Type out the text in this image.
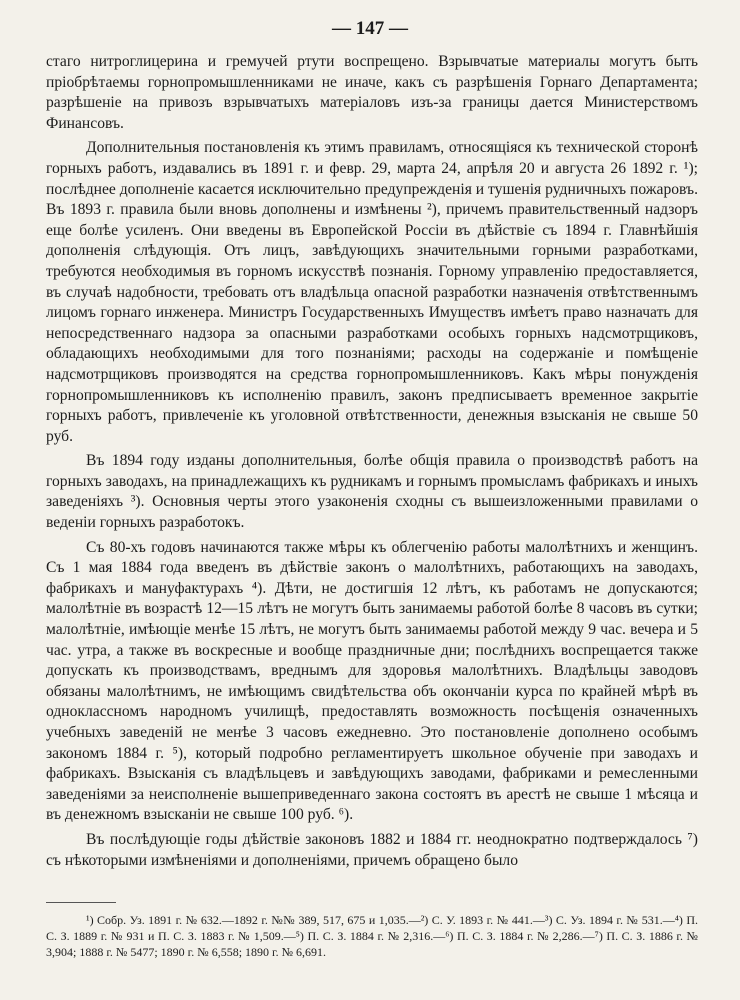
— 147 —

стаго нитроглицерина и гремучей ртути воспрещено. Взрывчатые материалы могутъ быть пріобрѣтаемы горнопромышленниками не иначе, какъ съ разрѣшенія Горнаго Департамента; разрѣшеніе на привозъ взрывчатыхъ матеріаловъ изъ-за границы дается Министерствомъ Финансовъ.

Дополнительныя постановленія къ этимъ правиламъ, относящіяся къ технической сторонѣ горныхъ работъ, издавались въ 1891 г. и февр. 29, марта 24, апрѣля 20 и августа 26 1892 г. ¹); послѣднее дополненіе касается исключительно предупрежденія и тушенія рудничныхъ пожаровъ. Въ 1893 г. правила были вновь дополнены и измѣнены ²), причемъ правительственный надзоръ еще болѣе усиленъ. Они введены въ Европейской Россіи въ дѣйствіе съ 1894 г. Главнѣйшія дополненія слѣдующія. Отъ лицъ, завѣдующихъ значительными горными разработками, требуются необходимыя въ горномъ искусствѣ познанія. Горному управленію предоставляется, въ случаѣ надобности, требовать отъ владѣльца опасной разработки назначенія отвѣтственнымъ лицомъ горнаго инженера. Министръ Государственныхъ Имуществъ имѣетъ право назначать для непосредственнаго надзора за опасными разработками особыхъ горныхъ надсмотрщиковъ, обладающихъ необходимыми для того познаніями; расходы на содержаніе и помѣщеніе надсмотрщиковъ производятся на средства горнопромышленниковъ. Какъ мѣры понужденія горнопромышленниковъ къ исполненію правилъ, законъ предписываетъ временное закрытіе горныхъ работъ, привлеченіе къ уголовной отвѣтственности, денежныя взысканія не свыше 50 руб.

Въ 1894 году изданы дополнительныя, болѣе общія правила о производствѣ работъ на горныхъ заводахъ, на принадлежащихъ къ рудникамъ и горнымъ промысламъ фабрикахъ и иныхъ заведеніяхъ ³). Основныя черты этого узаконенія сходны съ вышеизложенными правилами о веденіи горныхъ разработокъ.

Съ 80-хъ годовъ начинаются также мѣры къ облегченію работы малолѣтнихъ и женщинъ. Съ 1 мая 1884 года введенъ въ дѣйствіе законъ о малолѣтнихъ, работающихъ на заводахъ, фабрикахъ и мануфактурахъ ⁴). Дѣти, не достигшія 12 лѣтъ, къ работамъ не допускаются; малолѣтніе въ возрастѣ 12—15 лѣтъ не могутъ быть занимаемы работой болѣе 8 часовъ въ сутки; малолѣтніе, имѣющіе менѣе 15 лѣтъ, не могутъ быть занимаемы работой между 9 час. вечера и 5 час. утра, а также въ воскресные и вообще праздничные дни; послѣднихъ воспрещается также допускать къ производствамъ, вреднымъ для здоровья малолѣтнихъ. Владѣльцы заводовъ обязаны малолѣтнимъ, не имѣющимъ свидѣтельства объ окончаніи курса по крайней мѣрѣ въ одноклассномъ народномъ училищѣ, предоставлять возможность посѣщенія означенныхъ учебныхъ заведеній не менѣе 3 часовъ ежедневно. Это постановленіе дополнено особымъ закономъ 1884 г. ⁵), который подробно регламентируетъ школьное обученіе при заводахъ и фабрикахъ. Взысканія съ владѣльцевъ и завѣдующихъ заводами, фабриками и ремесленными заведеніями за неисполненіе вышеприведеннаго закона состоятъ въ арестѣ не свыше 1 мѣсяца и въ денежномъ взысканіи не свыше 100 руб. ⁶).

Въ послѣдующіе годы дѣйствіе законовъ 1882 и 1884 гг. неоднократно подтверждалось ⁷) съ нѣкоторыми измѣненіями и дополненіями, причемъ обращено было

¹) Собр. Уз. 1891 г. № 632.—1892 г. №№ 389, 517, 675 и 1,035.—²) С. У. 1893 г. № 441.—³) С. Уз. 1894 г. № 531.—⁴) П. С. З. 1889 г. № 931 и П. С. З. 1883 г. № 1,509.—⁵) П. С. З. 1884 г. № 2,316.—⁶) П. С. З. 1884 г. № 2,286.—⁷) П. С. З. 1886 г. № 3,904; 1888 г. № 5477; 1890 г. № 6,558; 1890 г. № 6,691.
